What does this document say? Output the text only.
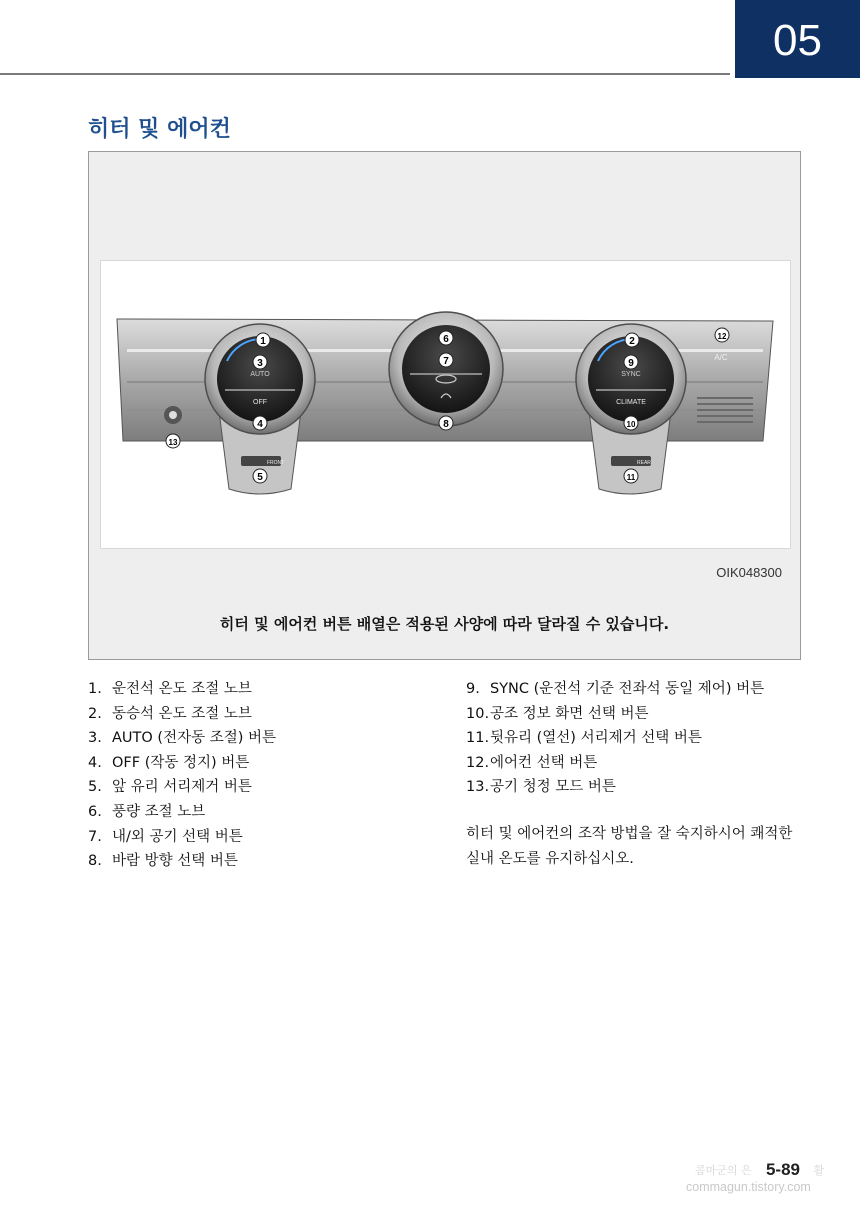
05
히터 및 에어컨
FRONT	REAR
AUTO
OFF
SYNC
CLIMATE
A/C
1	2
3
4
5
6
7
8
9
10
11
12
13
OIK048300
히터 및 에어컨 버튼 배열은 적용된 사양에 따라 달라질 수 있습니다.
1. 운전석 온도 조절 노브
2. 동승석 온도 조절 노브
3. AUTO (전자동 조절) 버튼
4. OFF (작동 정지) 버튼
5. 앞 유리 서리제거 버튼
6. 풍량 조절 노브
7. 내/외 공기 선택 버튼
8. 바람 방향 선택 버튼
9. SYNC (운전석 기준 전좌석 동일 제어) 버튼
10.공조 정보 화면 선택 버튼
11.뒷유리 (열선) 서리제거 선택 버튼
12.에어컨 선택 버튼
13.공기 청정 모드 버튼
히터 및 에어컨의 조작 방법을 잘 숙지하시어 쾌적한 실내 온도를 유지하십시오.
콤마군의 은	활
5-89
commagun.tistory.com
